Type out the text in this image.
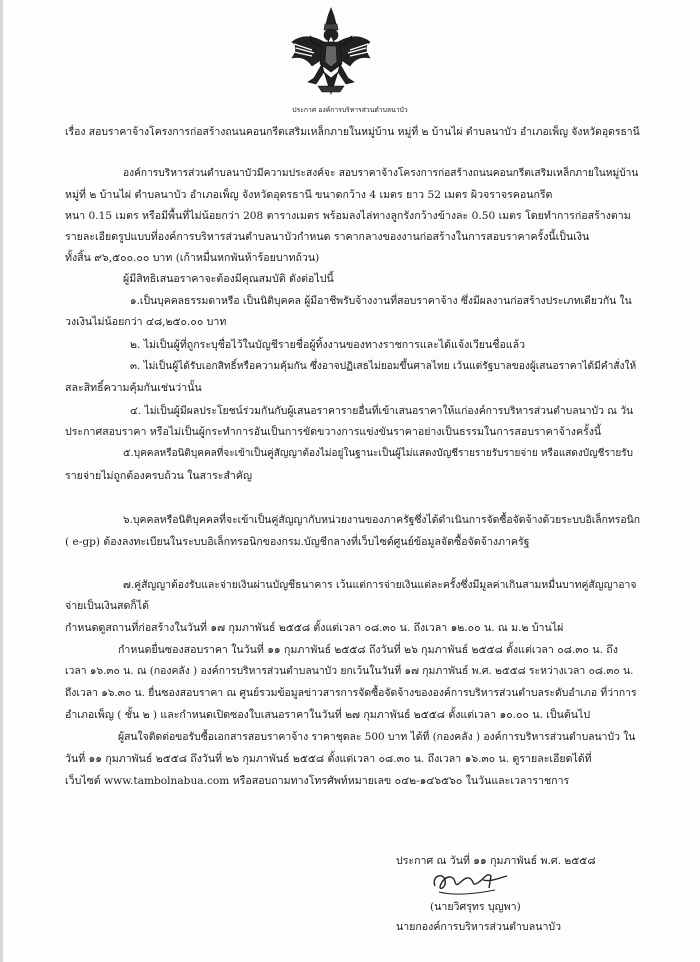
ประกาศ องค์การบริหารส่วนตำบลนาบัว
เรื่อง สอบราคาจ้างโครงการก่อสร้างถนนคอนกรีตเสริมเหล็กภายในหมู่บ้าน หมู่ที่ ๒ บ้านไผ่ ตำบลนาบัว อำเภอเพ็ญ จังหวัดอุดรธานี
องค์การบริหารส่วนตำบลนาบัวมีความประสงค์จะ สอบราคาจ้างโครงการก่อสร้างถนนคอนกรีตเสริมเหล็กภายในหมู่บ้าน
หมู่ที่ ๒ บ้านไผ่ ตำบลนาบัว อำเภอเพ็ญ จังหวัดอุดรธานี ขนาดกว้าง 4 เมตร ยาว 52 เมตร ผิวจราจรคอนกรีต
หนา 0.15 เมตร หรือมีพื้นที่ไม่น้อยกว่า 208 ตารางเมตร พร้อมลงไล่ทางลูกรังกว้างข้างละ 0.50 เมตร โดยทำการก่อสร้างตาม
รายละเอียดรูปแบบที่องค์การบริหารส่วนตำบลนาบัวกำหนด ราคากลางของงานก่อสร้างในการสอบราคาครั้งนี้เป็นเงิน
ทั้งสิ้น ๙๖,๕๐๐.๐๐ บาท (เก้าหมื่นหกพันห้าร้อยบาทถ้วน)
ผู้มีสิทธิเสนอราคาจะต้องมีคุณสมบัติ ดังต่อไปนี้
๑.เป็นบุคคลธรรมดาหรือ เป็นนิติบุคคล ผู้มีอาชีพรับจ้างงานที่สอบราคาจ้าง ซึ่งมีผลงานก่อสร้างประเภทเดียวกัน ใน
วงเงินไม่น้อยกว่า ๔๘,๒๕๐.๐๐ บาท
๒. ไม่เป็นผู้ที่ถูกระบุชื่อไว้ในบัญชีรายชื่อผู้ทิ้งงานของทางราชการและได้แจ้งเวียนชื่อแล้ว
๓. ไม่เป็นผู้ได้รับเอกสิทธิ์หรือความคุ้มกัน ซึ่งอาจปฏิเสธไม่ยอมขึ้นศาลไทย เว้นแต่รัฐบาลของผู้เสนอราคาได้มีคำสั่งให้
สละสิทธิ์ความคุ้มกันเช่นว่านั้น
๔. ไม่เป็นผู้มีผลประโยชน์ร่วมกันกับผู้เสนอราคารายอื่นที่เข้าเสนอราคาให้แก่องค์การบริหารส่วนตำบลนาบัว ณ วัน
ประกาศสอบราคา หรือไม่เป็นผู้กระทำการอันเป็นการขัดขวางการแข่งขันราคาอย่างเป็นธรรมในการสอบราคาจ้างครั้งนี้
๕.บุคคลหรือนิติบุคคลที่จะเข้าเป็นคู่สัญญาต้องไม่อยู่ในฐานะเป็นผู้ไม่แสดงบัญชีรายรายรับรายจ่าย หรือแสดงบัญชีรายรับ
รายจ่ายไม่ถูกต้องครบถ้วน ในสาระสำคัญ
๖.บุคคลหรือนิติบุคคลที่จะเข้าเป็นคู่สัญญากับหน่วยงานของภาครัฐซึ่งได้ดำเนินการจัดซื้อจัดจ้างด้วยระบบอิเล็กทรอนิก
( e-gp) ต้องลงทะเบียนในระบบอิเล็กทรอนิกของกรม.บัญชีกลางที่เว็บไซต์ศูนย์ข้อมูลจัดซื้อจัดจ้างภาครัฐ
๗.คู่สัญญาต้องรับและจ่ายเงินผ่านบัญชีธนาคาร เว้นแต่การจ่ายเงินแต่ละครั้งซึ่งมีมูลค่าเกินสามหมื่นบาทคู่สัญญาอาจ
จ่ายเป็นเงินสดก็ได้
กำหนดดูสถานที่ก่อสร้างในวันที่ ๑๗ กุมภาพันธ์ ๒๕๕๘ ตั้งแต่เวลา ๐๘.๓๐ น. ถึงเวลา ๑๒.๐๐ น. ณ ม.๒ บ้านไผ่
กำหนดยื่นซองสอบราคา ในวันที่ ๑๑ กุมภาพันธ์ ๒๕๕๘ ถึงวันที่ ๒๖ กุมภาพันธ์ ๒๕๕๘ ตั้งแต่เวลา ๐๘.๓๐ น. ถึง
เวลา ๑๖.๓๐ น. ณ (กองคลัง ) องค์การบริหารส่วนตำบลนาบัว ยกเว้นในวันที่ ๑๗ กุมภาพันธ์ พ.ศ. ๒๕๕๘ ระหว่างเวลา ๐๘.๓๐ น.
ถึงเวลา ๑๖.๓๐ น. ยื่นซองสอบราคา ณ ศูนย์รวมข้อมูลข่าวสารการจัดซื้อจัดจ้างขององค์การบริหารส่วนตำบลระดับอำเภอ ที่ว่าการ
อำเภอเพ็ญ ( ชั้น ๒ ) และกำหนดเปิดซองใบเสนอราคาในวันที่ ๒๗ กุมภาพันธ์ ๒๕๕๘ ตั้งแต่เวลา ๑๐.๐๐ น. เป็นต้นไป
ผู้สนใจติดต่อขอรับซื้อเอกสารสอบราคาจ้าง ราคาชุดละ 500 บาท ได้ที่ (กองคลัง ) องค์การบริหารส่วนตำบลนาบัว ใน
วันที่ ๑๑ กุมภาพันธ์ ๒๕๕๘ ถึงวันที่ ๒๖ กุมภาพันธ์ ๒๕๕๘ ตั้งแต่เวลา ๐๘.๓๐ น. ถึงเวลา ๑๖.๓๐ น. ดูรายละเอียดได้ที่
เว็บไซต์ www.tambolnabua.com หรือสอบถามทางโทรศัพท์หมายเลข ๐๔๒-๑๔๖๕๖๐ ในวันและเวลาราชการ
ประกาศ ณ วันที่ ๑๑ กุมภาพันธ์ พ.ศ. ๒๕๕๘
(นายวิศรุทร บุญพา)
นายกองค์การบริหารส่วนตำบลนาบัว
